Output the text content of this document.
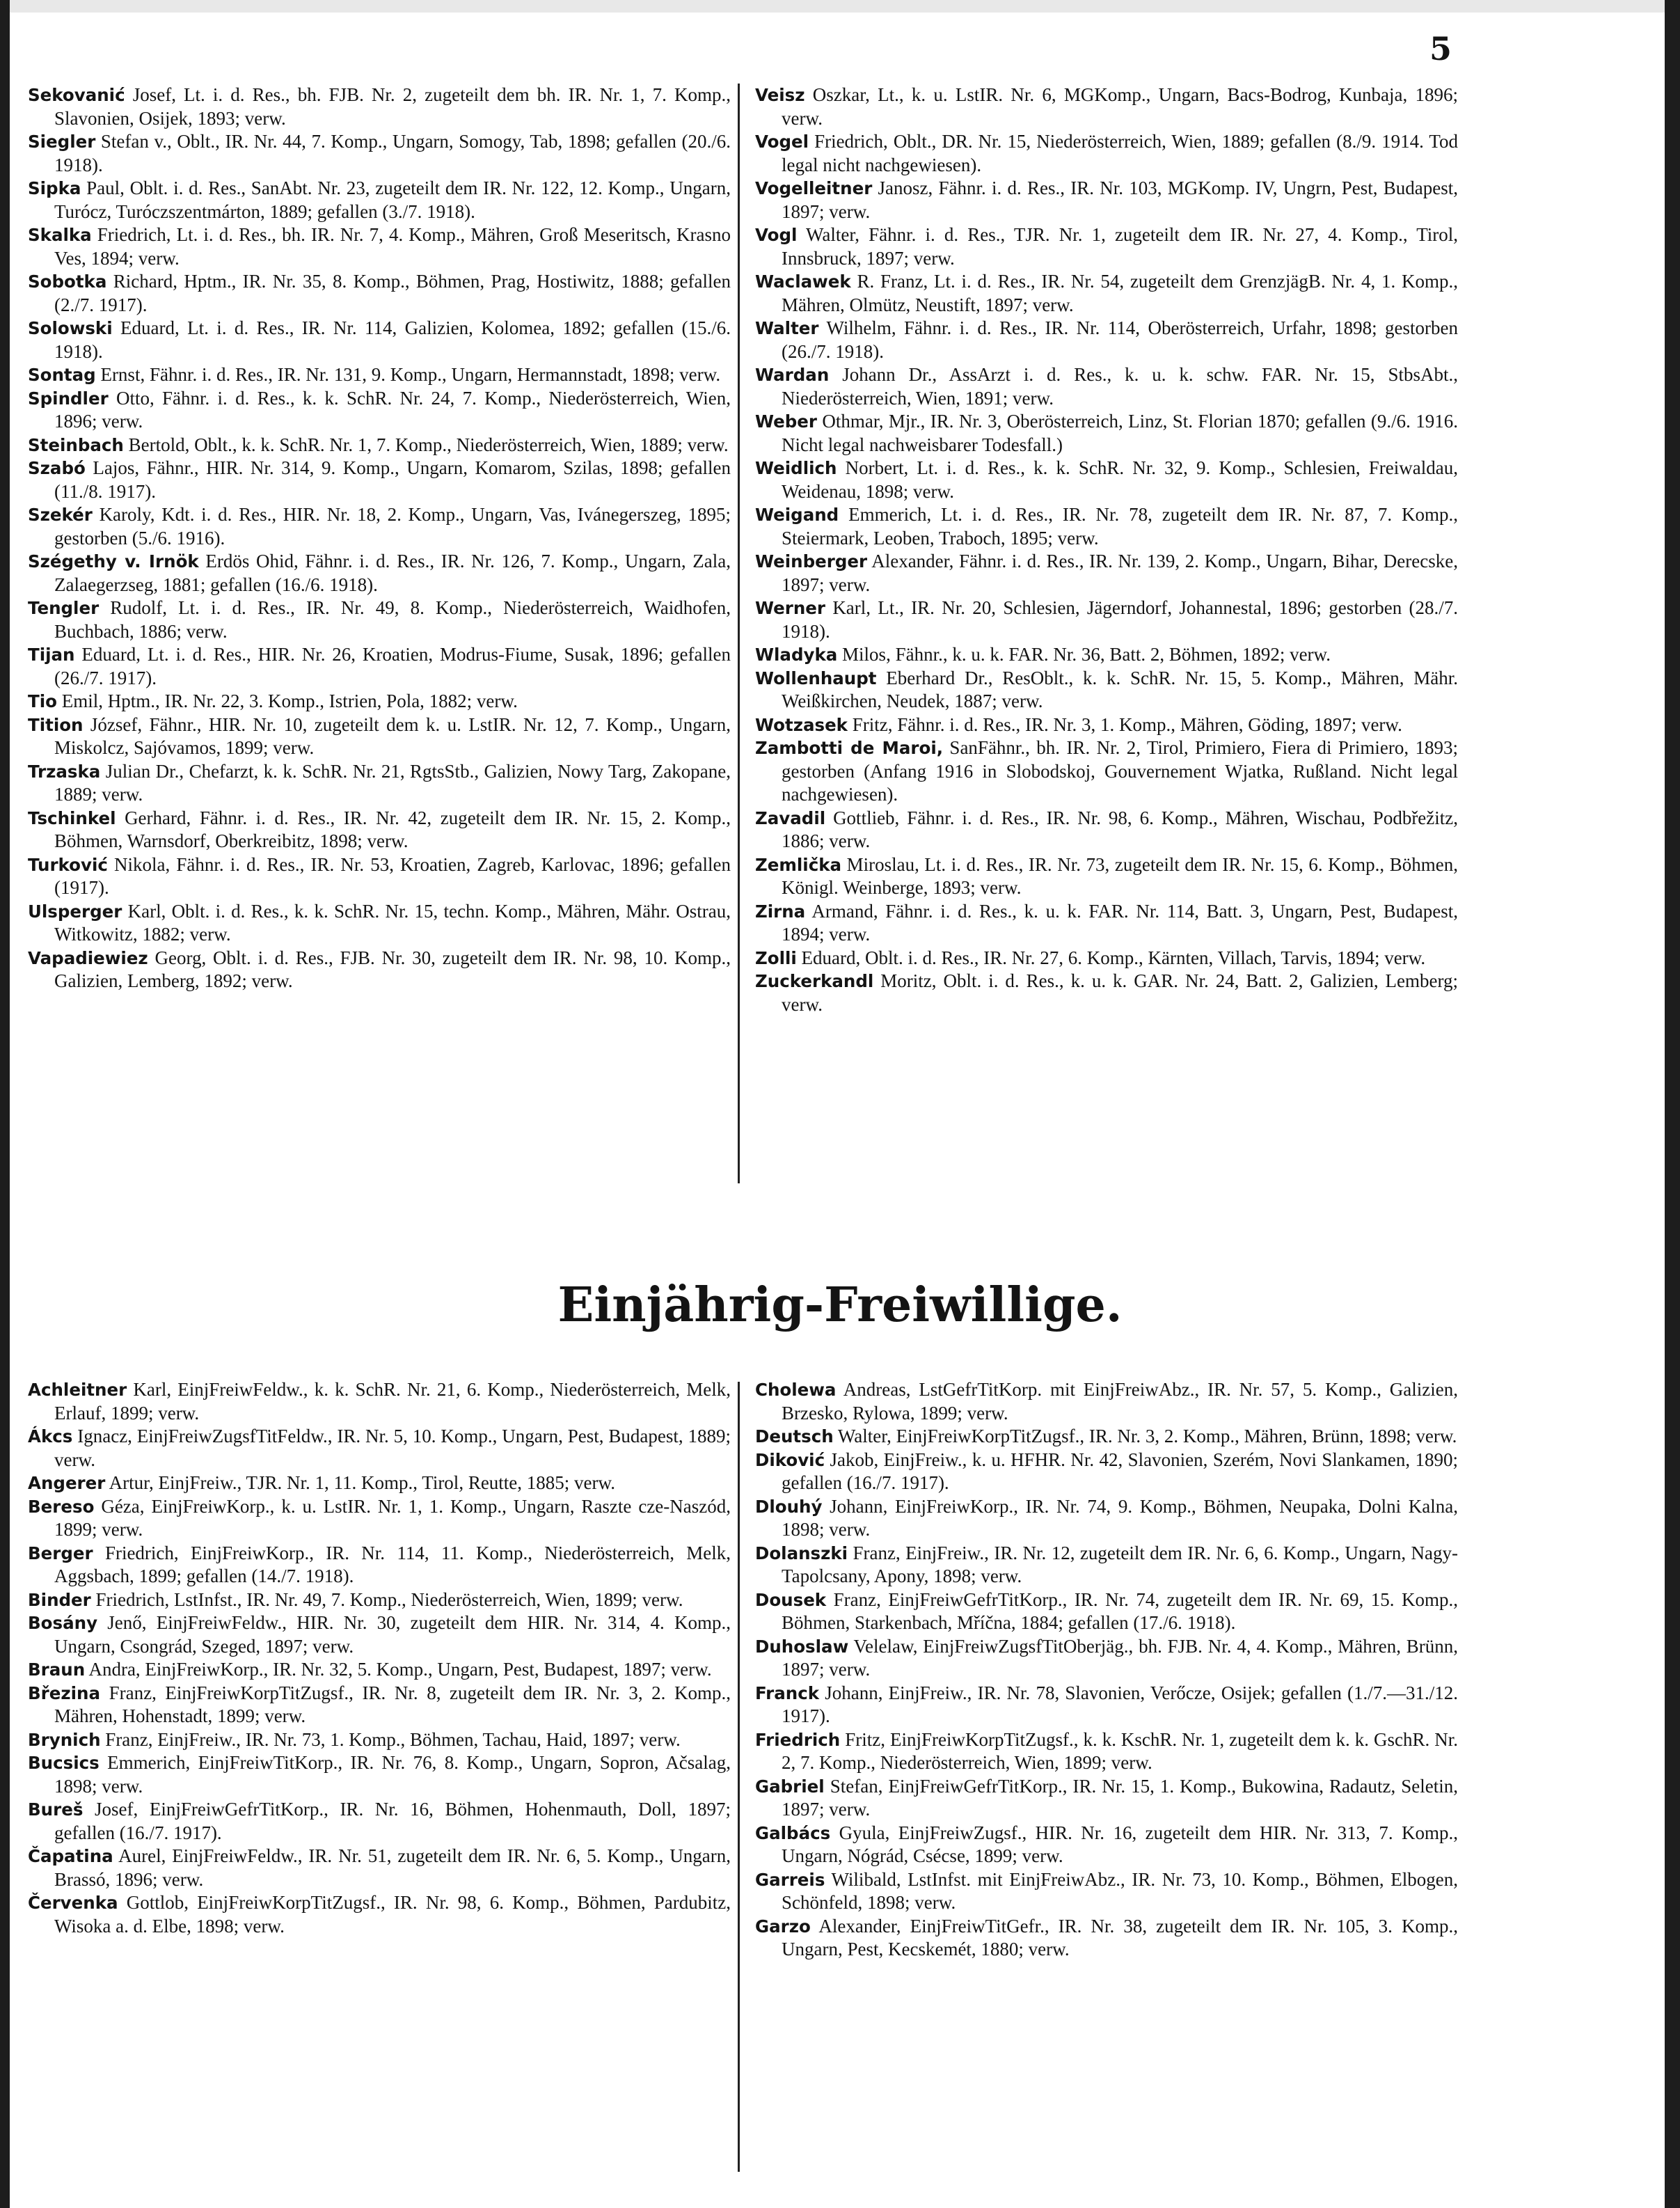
5

Sekovanić Josef, Lt. i. d. Res., bh. FJB. Nr. 2, zugeteilt dem bh. IR. Nr. 1, 7. Komp., Slavonien, Osijek, 1893; verw.

Siegler Stefan v., Oblt., IR. Nr. 44, 7. Komp., Ungarn, Somogy, Tab, 1898; gefallen (20./6. 1918).

Sipka Paul, Oblt. i. d. Res., SanAbt. Nr. 23, zugeteilt dem IR. Nr. 122, 12. Komp., Ungarn, Turócz, Turóczszentmárton, 1889; gefallen (3./7. 1918).

Skalka Friedrich, Lt. i. d. Res., bh. IR. Nr. 7, 4. Komp., Mähren, Groß Meseritsch, Krasno Ves, 1894; verw.

Sobotka Richard, Hptm., IR. Nr. 35, 8. Komp., Böhmen, Prag, Hostiwitz, 1888; gefallen (2./7. 1917).

Solowski Eduard, Lt. i. d. Res., IR. Nr. 114, Galizien, Kolomea, 1892; gefallen (15./6. 1918).

Sontag Ernst, Fähnr. i. d. Res., IR. Nr. 131, 9. Komp., Ungarn, Hermannstadt, 1898; verw.

Spindler Otto, Fähnr. i. d. Res., k. k. SchR. Nr. 24, 7. Komp., Niederösterreich, Wien, 1896; verw.

Steinbach Bertold, Oblt., k. k. SchR. Nr. 1, 7. Komp., Niederösterreich, Wien, 1889; verw.

Szabó Lajos, Fähnr., HIR. Nr. 314, 9. Komp., Ungarn, Komarom, Szilas, 1898; gefallen (11./8. 1917).

Szekér Karoly, Kdt. i. d. Res., HIR. Nr. 18, 2. Komp., Ungarn, Vas, Ivánegerszeg, 1895; gestorben (5./6. 1916).

Szégethy v. Irnök Erdös Ohid, Fähnr. i. d. Res., IR. Nr. 126, 7. Komp., Ungarn, Zala, Zalaegerzseg, 1881; gefallen (16./6. 1918).

Tengler Rudolf, Lt. i. d. Res., IR. Nr. 49, 8. Komp., Niederösterreich, Waidhofen, Buchbach, 1886; verw.

Tijan Eduard, Lt. i. d. Res., HIR. Nr. 26, Kroatien, Modrus-Fiume, Susak, 1896; gefallen (26./7. 1917).

Tio Emil, Hptm., IR. Nr. 22, 3. Komp., Istrien, Pola, 1882; verw.

Tition József, Fähnr., HIR. Nr. 10, zugeteilt dem k. u. LstIR. Nr. 12, 7. Komp., Ungarn, Miskolcz, Sajóvamos, 1899; verw.

Trzaska Julian Dr., Chefarzt, k. k. SchR. Nr. 21, RgtsStb., Galizien, Nowy Targ, Zakopane, 1889; verw.

Tschinkel Gerhard, Fähnr. i. d. Res., IR. Nr. 42, zugeteilt dem IR. Nr. 15, 2. Komp., Böhmen, Warnsdorf, Oberkreibitz, 1898; verw.

Turković Nikola, Fähnr. i. d. Res., IR. Nr. 53, Kroatien, Zagreb, Karlovac, 1896; gefallen (1917).

Ulsperger Karl, Oblt. i. d. Res., k. k. SchR. Nr. 15, techn. Komp., Mähren, Mähr. Ostrau, Witkowitz, 1882; verw.

Vapadiewiez Georg, Oblt. i. d. Res., FJB. Nr. 30, zugeteilt dem IR. Nr. 98, 10. Komp., Galizien, Lemberg, 1892; verw.

Veisz Oszkar, Lt., k. u. LstIR. Nr. 6, MGKomp., Ungarn, Bacs-Bodrog, Kunbaja, 1896; verw.

Vogel Friedrich, Oblt., DR. Nr. 15, Niederösterreich, Wien, 1889; gefallen (8./9. 1914. Tod legal nicht nachgewiesen).

Vogelleitner Janosz, Fähnr. i. d. Res., IR. Nr. 103, MGKomp. IV, Ungrn, Pest, Budapest, 1897; verw.

Vogl Walter, Fähnr. i. d. Res., TJR. Nr. 1, zugeteilt dem IR. Nr. 27, 4. Komp., Tirol, Innsbruck, 1897; verw.

Waclawek R. Franz, Lt. i. d. Res., IR. Nr. 54, zugeteilt dem GrenzjägB. Nr. 4, 1. Komp., Mähren, Olmütz, Neustift, 1897; verw.

Walter Wilhelm, Fähnr. i. d. Res., IR. Nr. 114, Oberösterreich, Urfahr, 1898; gestorben (26./7. 1918).

Wardan Johann Dr., AssArzt i. d. Res., k. u. k. schw. FAR. Nr. 15, StbsAbt., Niederösterreich, Wien, 1891; verw.

Weber Othmar, Mjr., IR. Nr. 3, Oberösterreich, Linz, St. Florian 1870; gefallen (9./6. 1916. Nicht legal nachweisbarer Todesfall.)

Weidlich Norbert, Lt. i. d. Res., k. k. SchR. Nr. 32, 9. Komp., Schlesien, Freiwaldau, Weidenau, 1898; verw.

Weigand Emmerich, Lt. i. d. Res., IR. Nr. 78, zugeteilt dem IR. Nr. 87, 7. Komp., Steiermark, Leoben, Traboch, 1895; verw.

Weinberger Alexander, Fähnr. i. d. Res., IR. Nr. 139, 2. Komp., Ungarn, Bihar, Derecske, 1897; verw.

Werner Karl, Lt., IR. Nr. 20, Schlesien, Jägerndorf, Johannestal, 1896; gestorben (28./7. 1918).

Wladyka Milos, Fähnr., k. u. k. FAR. Nr. 36, Batt. 2, Böhmen, 1892; verw.

Wollenhaupt Eberhard Dr., ResOblt., k. k. SchR. Nr. 15, 5. Komp., Mähren, Mähr. Weißkirchen, Neudek, 1887; verw.

Wotzasek Fritz, Fähnr. i. d. Res., IR. Nr. 3, 1. Komp., Mähren, Göding, 1897; verw.

Zambotti de Maroi, SanFähnr., bh. IR. Nr. 2, Tirol, Primiero, Fiera di Primiero, 1893; gestorben (Anfang 1916 in Slobodskoj, Gouvernement Wjatka, Rußland. Nicht legal nachgewiesen).

Zavadil Gottlieb, Fähnr. i. d. Res., IR. Nr. 98, 6. Komp., Mähren, Wischau, Podbřežitz, 1886; verw.

Zemlička Miroslau, Lt. i. d. Res., IR. Nr. 73, zugeteilt dem IR. Nr. 15, 6. Komp., Böhmen, Königl. Weinberge, 1893; verw.

Zirna Armand, Fähnr. i. d. Res., k. u. k. FAR. Nr. 114, Batt. 3, Ungarn, Pest, Budapest, 1894; verw.

Zolli Eduard, Oblt. i. d. Res., IR. Nr. 27, 6. Komp., Kärnten, Villach, Tarvis, 1894; verw.

Zuckerkandl Moritz, Oblt. i. d. Res., k. u. k. GAR. Nr. 24, Batt. 2, Galizien, Lemberg; verw.

Einjährig-Freiwillige.

Achleitner Karl, EinjFreiwFeldw., k. k. SchR. Nr. 21, 6. Komp., Niederösterreich, Melk, Erlauf, 1899; verw.

Ákcs Ignacz, EinjFreiwZugsfTitFeldw., IR. Nr. 5, 10. Komp., Ungarn, Pest, Budapest, 1889; verw.

Angerer Artur, EinjFreiw., TJR. Nr. 1, 11. Komp., Tirol, Reutte, 1885; verw.

Bereso Géza, EinjFreiwKorp., k. u. LstIR. Nr. 1, 1. Komp., Ungarn, Raszte cze-Naszód, 1899; verw.

Berger Friedrich, EinjFreiwKorp., IR. Nr. 114, 11. Komp., Niederösterreich, Melk, Aggsbach, 1899; gefallen (14./7. 1918).

Binder Friedrich, LstInfst., IR. Nr. 49, 7. Komp., Niederösterreich, Wien, 1899; verw.

Bosány Jenő, EinjFreiwFeldw., HIR. Nr. 30, zugeteilt dem HIR. Nr. 314, 4. Komp., Ungarn, Csongrád, Szeged, 1897; verw.

Braun Andra, EinjFreiwKorp., IR. Nr. 32, 5. Komp., Ungarn, Pest, Budapest, 1897; verw.

Březina Franz, EinjFreiwKorpTitZugsf., IR. Nr. 8, zugeteilt dem IR. Nr. 3, 2. Komp., Mähren, Hohenstadt, 1899; verw.

Brynich Franz, EinjFreiw., IR. Nr. 73, 1. Komp., Böhmen, Tachau, Haid, 1897; verw.

Bucsics Emmerich, EinjFreiwTitKorp., IR. Nr. 76, 8. Komp., Ungarn, Sopron, Ačsalag, 1898; verw.

Bureš Josef, EinjFreiwGefrTitKorp., IR. Nr. 16, Böhmen, Hohenmauth, Doll, 1897; gefallen (16./7. 1917).

Čapatina Aurel, EinjFreiwFeldw., IR. Nr. 51, zugeteilt dem IR. Nr. 6, 5. Komp., Ungarn, Brassó, 1896; verw.

Červenka Gottlob, EinjFreiwKorpTitZugsf., IR. Nr. 98, 6. Komp., Böhmen, Pardubitz, Wisoka a. d. Elbe, 1898; verw.

Cholewa Andreas, LstGefrTitKorp. mit EinjFreiwAbz., IR. Nr. 57, 5. Komp., Galizien, Brzesko, Rylowa, 1899; verw.

Deutsch Walter, EinjFreiwKorpTitZugsf., IR. Nr. 3, 2. Komp., Mähren, Brünn, 1898; verw.

Diković Jakob, EinjFreiw., k. u. HFHR. Nr. 42, Slavonien, Szerém, Novi Slankamen, 1890; gefallen (16./7. 1917).

Dlouhý Johann, EinjFreiwKorp., IR. Nr. 74, 9. Komp., Böhmen, Neupaka, Dolni Kalna, 1898; verw.

Dolanszki Franz, EinjFreiw., IR. Nr. 12, zugeteilt dem IR. Nr. 6, 6. Komp., Ungarn, Nagy-Tapolcsany, Apony, 1898; verw.

Dousek Franz, EinjFreiwGefrTitKorp., IR. Nr. 74, zugeteilt dem IR. Nr. 69, 15. Komp., Böhmen, Starkenbach, Mříčna, 1884; gefallen (17./6. 1918).

Duhoslaw Velelaw, EinjFreiwZugsfTitOberjäg., bh. FJB. Nr. 4, 4. Komp., Mähren, Brünn, 1897; verw.

Franck Johann, EinjFreiw., IR. Nr. 78, Slavonien, Verőcze, Osijek; gefallen (1./7.—31./12. 1917).

Friedrich Fritz, EinjFreiwKorpTitZugsf., k. k. KschR. Nr. 1, zugeteilt dem k. k. GschR. Nr. 2, 7. Komp., Niederösterreich, Wien, 1899; verw.

Gabriel Stefan, EinjFreiwGefrTitKorp., IR. Nr. 15, 1. Komp., Bukowina, Radautz, Seletin, 1897; verw.

Galbács Gyula, EinjFreiwZugsf., HIR. Nr. 16, zugeteilt dem HIR. Nr. 313, 7. Komp., Ungarn, Nógrád, Csécse, 1899; verw.

Garreis Wilibald, LstInfst. mit EinjFreiwAbz., IR. Nr. 73, 10. Komp., Böhmen, Elbogen, Schönfeld, 1898; verw.

Garzo Alexander, EinjFreiwTitGefr., IR. Nr. 38, zugeteilt dem IR. Nr. 105, 3. Komp., Ungarn, Pest, Kecskemét, 1880; verw.
